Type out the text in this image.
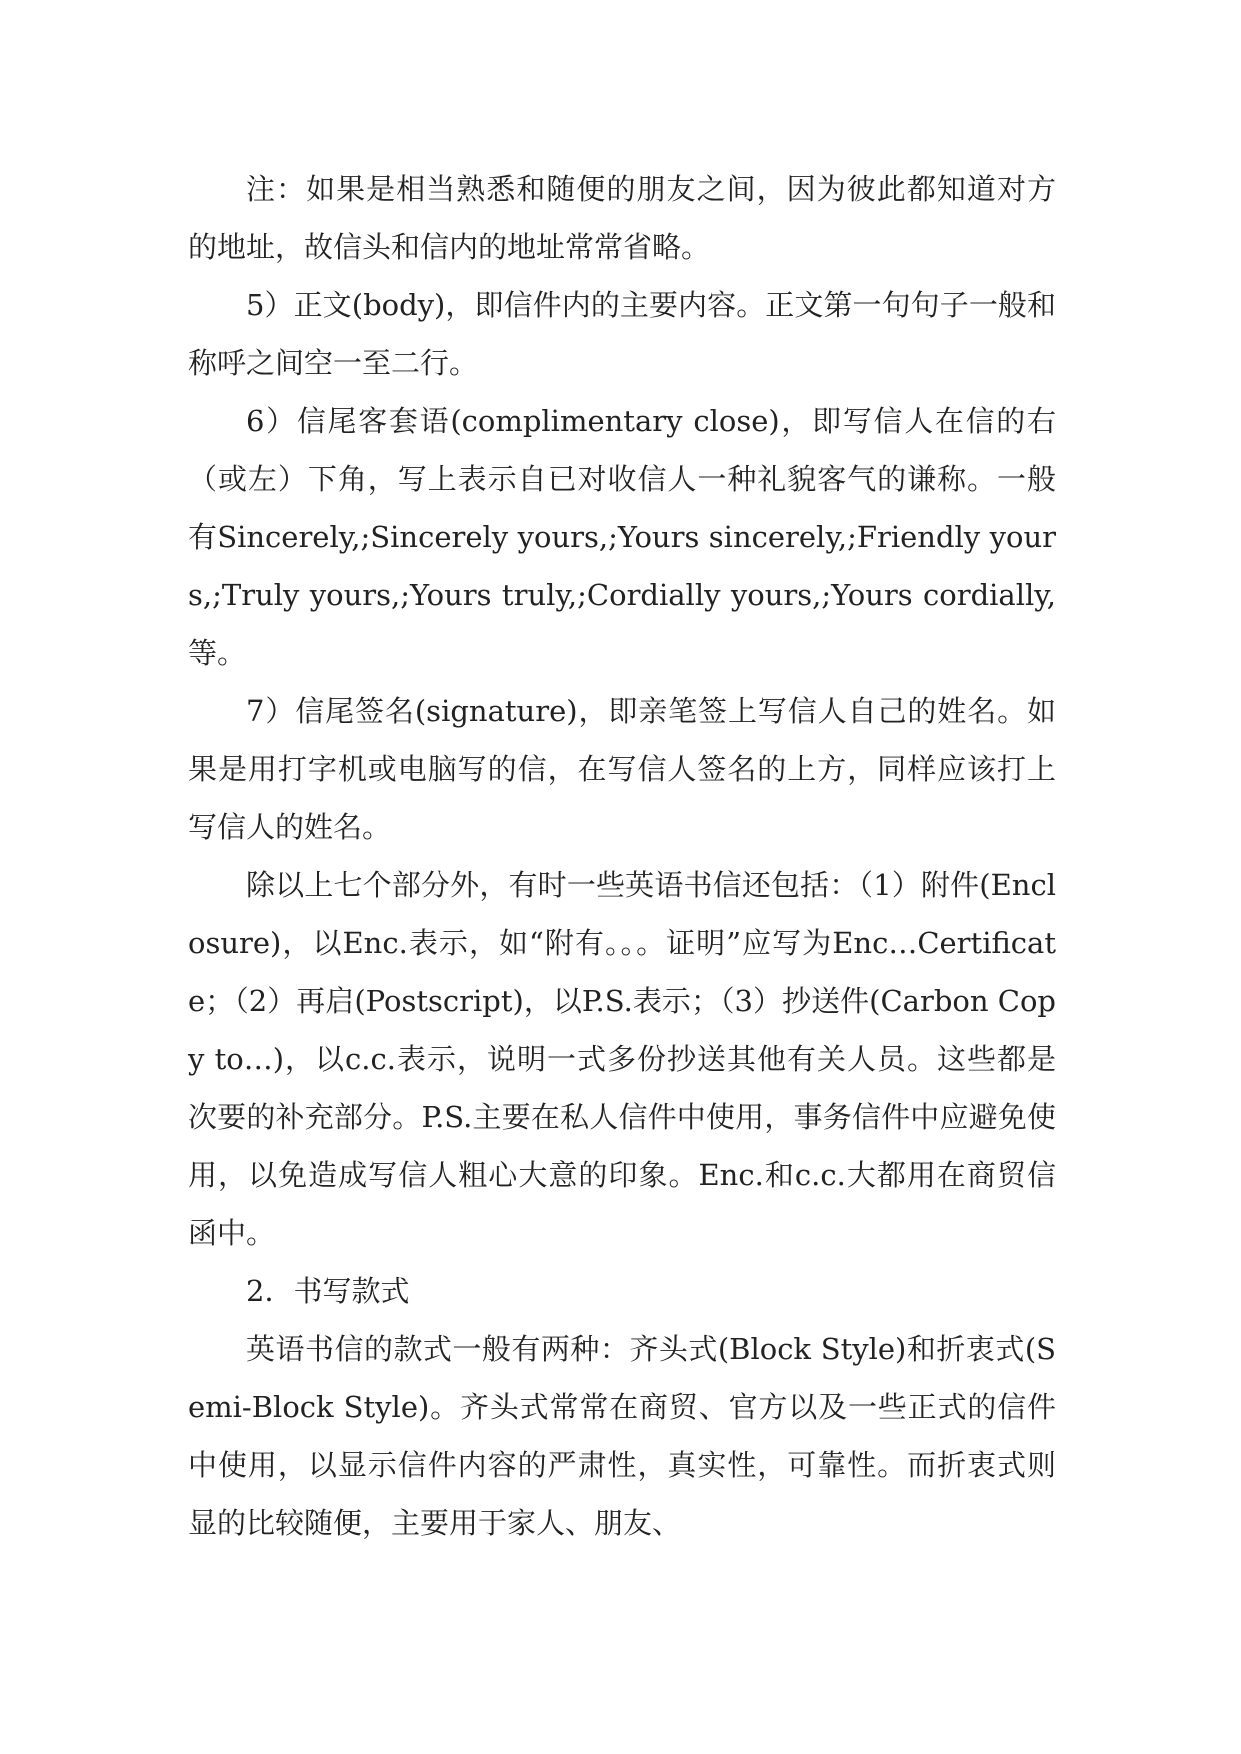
注：如果是相当熟悉和随便的朋友之间，因为彼此都知道对方的地址，故信头和信内的地址常常省略。

5）正文(body)，即信件内的主要内容。正文第一句句子一般和称呼之间空一至二行。

6）信尾客套语(complimentary close)，即写信人在信的右（或左）下角，写上表示自已对收信人一种礼貌客气的谦称。一般有Sincerely,;Sincerely yours,;Yours sincerely,;Friendly yours,;Truly yours,;Yours truly,;Cordially yours,;Yours cordially,等。

7）信尾签名(signature)，即亲笔签上写信人自己的姓名。如果是用打字机或电脑写的信，在写信人签名的上方，同样应该打上写信人的姓名。

除以上七个部分外，有时一些英语书信还包括：（1）附件(Enclosure)，以Enc.表示，如“附有。。。证明”应写为Enc…Certificate；（2）再启(Postscript)，以P.S.表示；（3）抄送件(Carbon Copy to…)，以c.c.表示，说明一式多份抄送其他有关人员。这些都是次要的补充部分。P.S.主要在私人信件中使用，事务信件中应避免使用，以免造成写信人粗心大意的印象。Enc.和c.c.大都用在商贸信函中。

2．书写款式

英语书信的款式一般有两种：齐头式(Block Style)和折衷式(Semi-Block Style)。齐头式常常在商贸、官方以及一些正式的信件中使用，以显示信件内容的严肃性，真实性，可靠性。而折衷式则显的比较随便，主要用于家人、朋友、
